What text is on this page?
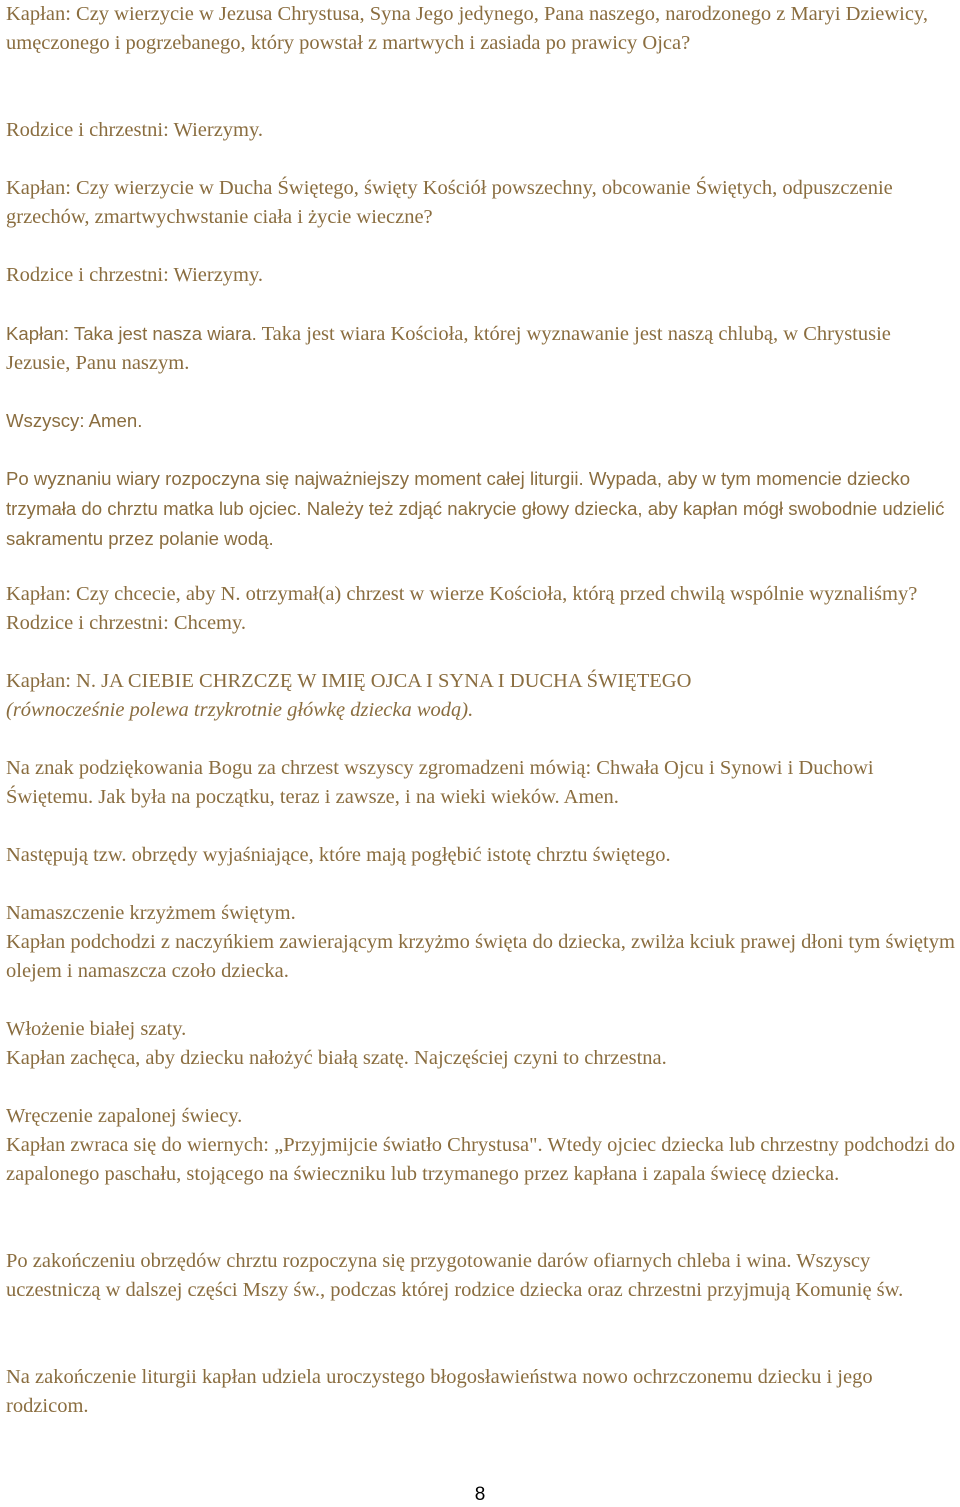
Kapłan: Czy wierzycie w Jezusa Chrystusa, Syna Jego jedynego, Pana naszego, narodzonego z Maryi Dziewicy, umęczonego i pogrzebanego, który powstał z martwych i zasiada po prawicy Ojca?

Rodzice i chrzestni: Wierzymy.

Kapłan: Czy wierzycie w Ducha Świętego, święty Kościół powszechny, obcowanie Świętych, odpuszczenie grzechów, zmartwychwstanie ciała i życie wieczne?

Rodzice i chrzestni: Wierzymy.

Kapłan: Taka jest nasza wiara. Taka jest wiara Kościoła, której wyznawanie jest naszą chlubą, w Chrystusie Jezusie, Panu naszym.

Wszyscy: Amen.

Po wyznaniu wiary rozpoczyna się najważniejszy moment całej liturgii. Wypada, aby w tym momencie dziecko trzymała do chrztu matka lub ojciec. Należy też zdjąć nakrycie głowy dziecka, aby kapłan mógł swobodnie udzielić sakramentu przez polanie wodą.

Kapłan: Czy chcecie, aby N. otrzymał(a) chrzest w wierze Kościoła, którą przed chwilą wspólnie wyznaliśmy? Rodzice i chrzestni: Chcemy.

Kapłan: N. JA CIEBIE CHRZCZĘ W IMIĘ OJCA I SYNA I DUCHA ŚWIĘTEGO
(równocześnie polewa trzykrotnie główkę dziecka wodą).

Na znak podziękowania Bogu za chrzest wszyscy zgromadzeni mówią: Chwała Ojcu i Synowi i Duchowi Świętemu. Jak była na początku, teraz i zawsze, i na wieki wieków. Amen.

Następują tzw. obrzędy wyjaśniające, które mają pogłębić istotę chrztu świętego.

Namaszczenie krzyżmem świętym.
Kapłan podchodzi z naczyńkiem zawierającym krzyżmo święta do dziecka, zwilża kciuk prawej dłoni tym świętym olejem i namaszcza czoło dziecka.

Włożenie białej szaty.
Kapłan zachęca, aby dziecku nałożyć białą szatę. Najczęściej czyni to chrzestna.

Wręczenie zapalonej świecy.
Kapłan zwraca się do wiernych: „Przyjmijcie światło Chrystusa". Wtedy ojciec dziecka lub chrzestny podchodzi do zapalonego paschału, stojącego na świeczniku lub trzymanego przez kapłana i zapala świecę dziecka.

Po zakończeniu obrzędów chrztu rozpoczyna się przygotowanie darów ofiarnych chleba i wina. Wszyscy uczestniczą w dalszej części Mszy św., podczas której rodzice dziecka oraz chrzestni przyjmują Komunię św.

Na zakończenie liturgii kapłan udziela uroczystego błogosławieństwa nowo ochrzczonemu dziecku i jego rodzicom.

8
